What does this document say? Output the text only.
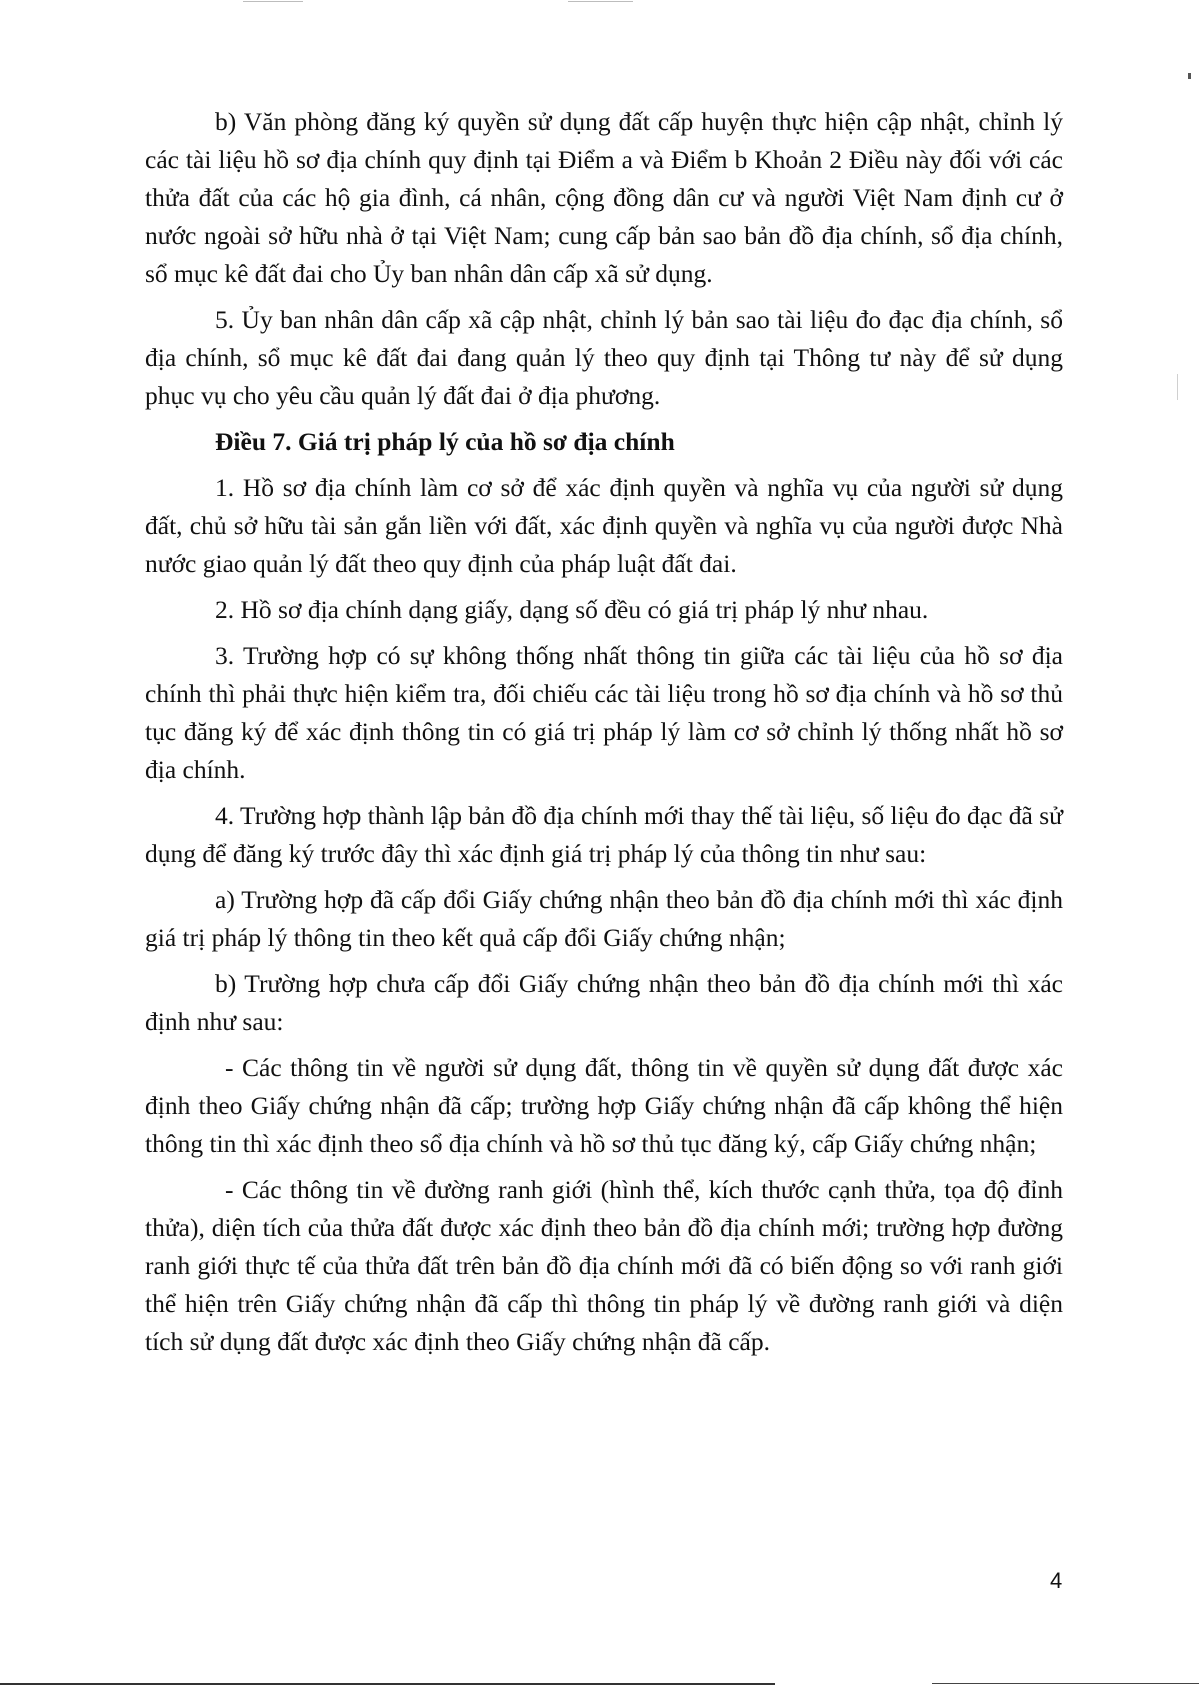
b) Văn phòng đăng ký quyền sử dụng đất cấp huyện thực hiện cập nhật, chỉnh lý các tài liệu hồ sơ địa chính quy định tại Điểm a và Điểm b Khoản 2 Điều này đối với các thửa đất của các hộ gia đình, cá nhân, cộng đồng dân cư và người Việt Nam định cư ở nước ngoài sở hữu nhà ở tại Việt Nam; cung cấp bản sao bản đồ địa chính, sổ địa chính, sổ mục kê đất đai cho Ủy ban nhân dân cấp xã sử dụng.

5. Ủy ban nhân dân cấp xã cập nhật, chỉnh lý bản sao tài liệu đo đạc địa chính, sổ địa chính, sổ mục kê đất đai đang quản lý theo quy định tại Thông tư này để sử dụng phục vụ cho yêu cầu quản lý đất đai ở địa phương.

Điều 7. Giá trị pháp lý của hồ sơ địa chính

1. Hồ sơ địa chính làm cơ sở để xác định quyền và nghĩa vụ của người sử dụng đất, chủ sở hữu tài sản gắn liền với đất, xác định quyền và nghĩa vụ của người được Nhà nước giao quản lý đất theo quy định của pháp luật đất đai.

2. Hồ sơ địa chính dạng giấy, dạng số đều có giá trị pháp lý như nhau.

3. Trường hợp có sự không thống nhất thông tin giữa các tài liệu của hồ sơ địa chính thì phải thực hiện kiểm tra, đối chiếu các tài liệu trong hồ sơ địa chính và hồ sơ thủ tục đăng ký để xác định thông tin có giá trị pháp lý làm cơ sở chỉnh lý thống nhất hồ sơ địa chính.

4. Trường hợp thành lập bản đồ địa chính mới thay thế tài liệu, số liệu đo đạc đã sử dụng để đăng ký trước đây thì xác định giá trị pháp lý của thông tin như sau:

a) Trường hợp đã cấp đổi Giấy chứng nhận theo bản đồ địa chính mới thì xác định giá trị pháp lý thông tin theo kết quả cấp đổi Giấy chứng nhận;

b) Trường hợp chưa cấp đổi Giấy chứng nhận theo bản đồ địa chính mới thì xác định như sau:

- Các thông tin về người sử dụng đất, thông tin về quyền sử dụng đất được xác định theo Giấy chứng nhận đã cấp; trường hợp Giấy chứng nhận đã cấp không thể hiện thông tin thì xác định theo sổ địa chính và hồ sơ thủ tục đăng ký, cấp Giấy chứng nhận;

- Các thông tin về đường ranh giới (hình thể, kích thước cạnh thửa, tọa độ đỉnh thửa), diện tích của thửa đất được xác định theo bản đồ địa chính mới; trường hợp đường ranh giới thực tế của thửa đất trên bản đồ địa chính mới đã có biến động so với ranh giới thể hiện trên Giấy chứng nhận đã cấp thì thông tin pháp lý về đường ranh giới và diện tích sử dụng đất được xác định theo Giấy chứng nhận đã cấp.

4
